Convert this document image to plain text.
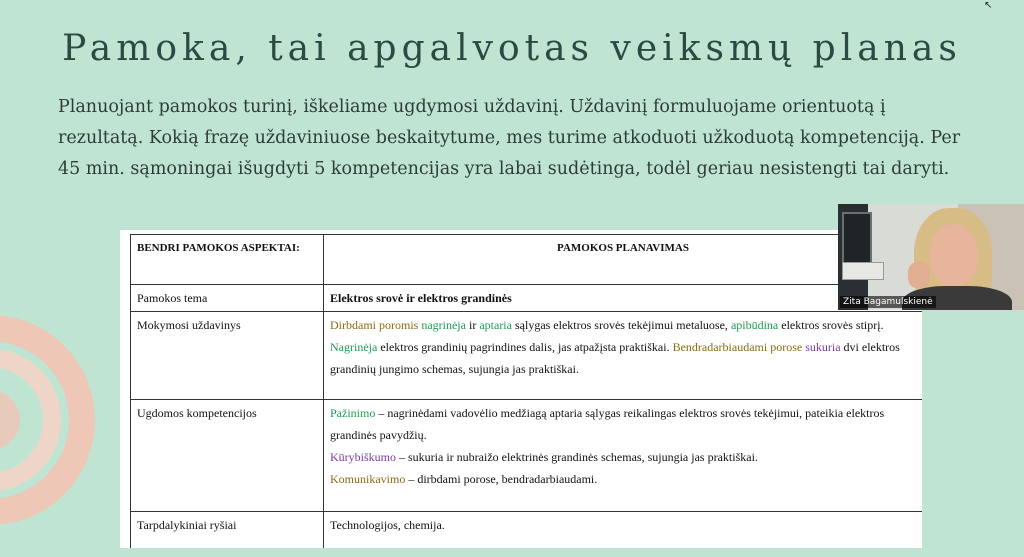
Pamoka, tai apgalvotas veiksmų planas
Planuojant pamokos turinį, iškeliame ugdymosi uždavinį. Uždavinį formuluojame orientuotą į rezultatą. Kokią frazę uždaviniuose beskaitytume, mes turime atkoduoti užkoduotą kompetenciją. Per 45 min. sąmoningai išugdyti 5 kompetencijas yra labai sudėtinga, todėl geriau nesistengti tai daryti.
BENDRI PAMOKOS ASPEKTAI:	PAMOKOS PLANAVIMAS
Pamokos tema	Elektros srovė ir elektros grandinės
Mokymosi uždavinys	Dirbdami poromis nagrinėja ir aptaria sąlygas elektros srovės tekėjimui metaluose, apibūdina elektros srovės stiprį. Nagrinėja elektros grandinių pagrindines dalis, jas atpažįsta praktiškai. Bendradarbiaudami porose sukuria dvi elektros grandinių jungimo schemas, sujungia jas praktiškai.
Ugdomos kompetencijos	Pažinimo – nagrinėdami vadovėlio medžiagą aptaria sąlygas reikalingas elektros srovės tekėjimui, pateikia elektros grandinės pavydžių.
Kūrybiškumo – sukuria ir nubraižo elektrinės grandinės schemas, sujungia jas praktiškai.
Komunikavimo – dirbdami porose, bendradarbiaudami.

Tarpdalykiniai ryšiai	Technologijos, chemija.
Zita Bagamulskienė
↖
